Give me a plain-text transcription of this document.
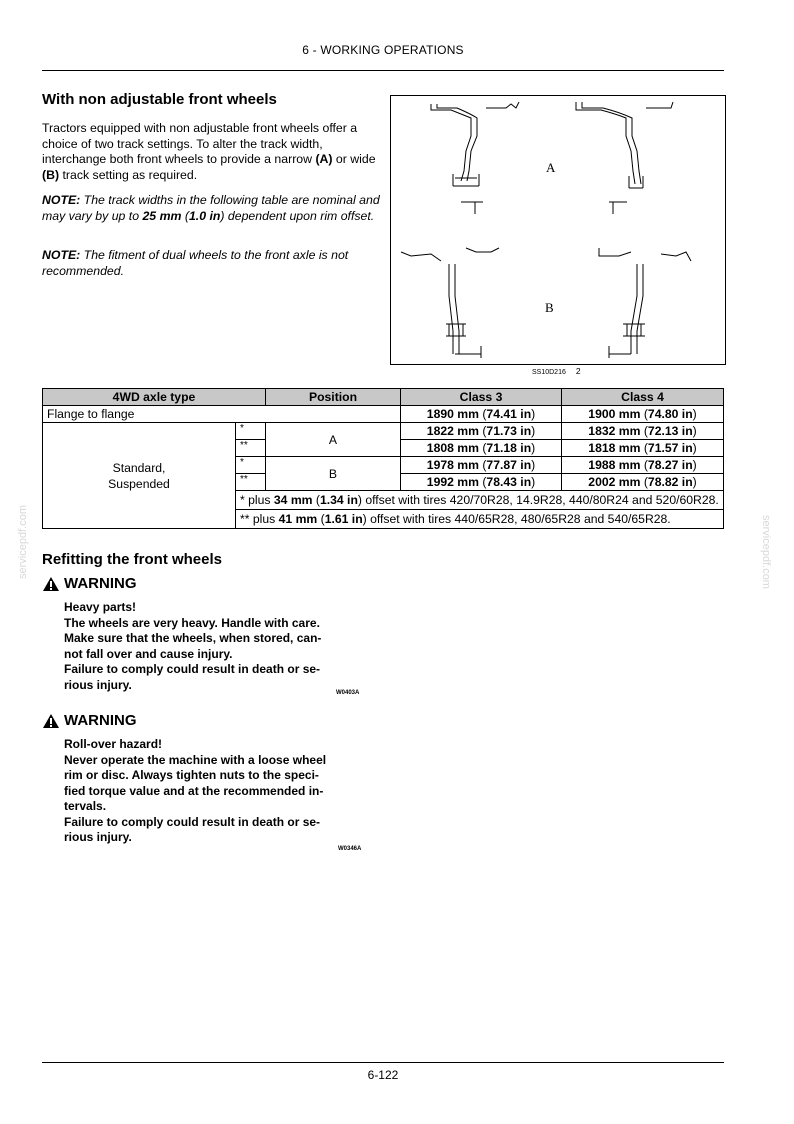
6 - WORKING OPERATIONS
With non adjustable front wheels
Tractors equipped with non adjustable front wheels offer a choice of two track settings. To alter the track width, interchange both front wheels to provide a narrow (A) or wide (B) track setting as required.
NOTE: The track widths in the following table are nominal and may vary by up to 25 mm (1.0 in) dependent upon rim offset.
NOTE: The fitment of dual wheels to the front axle is not recommended.
A
B
SS10D216 2
4WD axle type		Position	Class 3	Class 4
Flange to flange			1890 mm (74.41 in)	1900 mm (74.80 in)
Standard,
Suspended	*	A	1822 mm (71.73 in)	1832 mm (72.13 in)
	**		1808 mm (71.18 in)	1818 mm (71.57 in)
	*	B	1978 mm (77.87 in)	1988 mm (78.27 in)
	**		1992 mm (78.43 in)	2002 mm (78.82 in)
	* plus 34 mm (1.34 in) offset with tires 420/70R28, 14.9R28, 440/80R24 and 520/60R28.			
	** plus 41 mm (1.61 in) offset with tires 440/65R28, 480/65R28 and 540/65R28.			
Refitting the front wheels
WARNING
Heavy parts!
The wheels are very heavy. Handle with care.
Make sure that the wheels, when stored, can-
not fall over and cause injury.
Failure to comply could result in death or se-
rious injury.
W0403A
WARNING
Roll-over hazard!
Never operate the machine with a loose wheel
rim or disc. Always tighten nuts to the speci-
fied torque value and at the recommended in-
tervals.
Failure to comply could result in death or se-
rious injury.
W0346A
servicepdf.com	servicepdf.com
6-122
